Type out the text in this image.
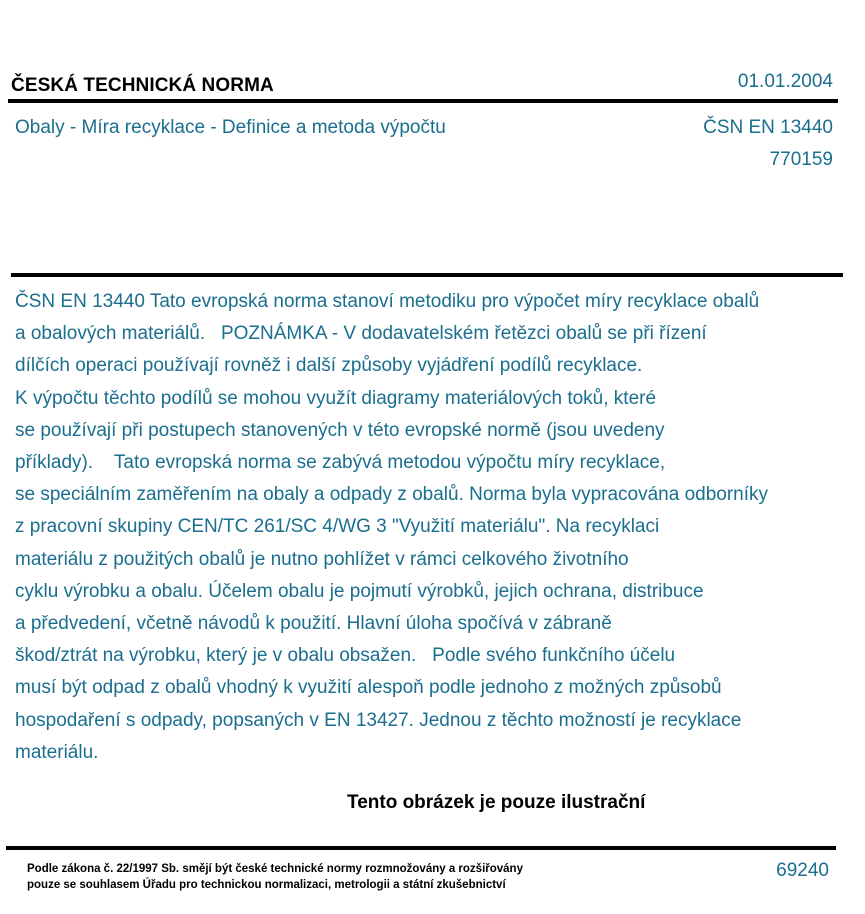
ČESKÁ TECHNICKÁ NORMA	01.01.2004
Obaly - Míra recyklace - Definice a metoda výpočtu	ČSN EN 13440
770159
ČSN EN 13440 Tato evropská norma stanoví metodiku pro výpočet míry recyklace obalů
a obalových materiálů.   POZNÁMKA - V dodavatelském řetězci obalů se při řízení
dílčích operaci používají rovněž i další způsoby vyjádření podílů recyklace.
K výpočtu těchto podílů se mohou využít diagramy materiálových toků, které
se používají při postupech stanovených v této evropské normě (jsou uvedeny
příklady).    Tato evropská norma se zabývá metodou výpočtu míry recyklace,
se speciálním zaměřením na obaly a odpady z obalů. Norma byla vypracována odborníky
z pracovní skupiny CEN/TC 261/SC 4/WG 3 "Využití materiálu". Na recyklaci
materiálu z použitých obalů je nutno pohlížet v rámci celkového životního
cyklu výrobku a obalu. Účelem obalu je pojmutí výrobků, jejich ochrana, distribuce
a předvedení, včetně návodů k použití. Hlavní úloha spočívá v zábraně
škod/ztrát na výrobku, který je v obalu obsažen.   Podle svého funkčního účelu
musí být odpad z obalů vhodný k využití alespoň podle jednoho z možných způsobů
hospodaření s odpady, popsaných v EN 13427. Jednou z těchto možností je recyklace
materiálu.
Tento obrázek je pouze ilustrační
Podle zákona č. 22/1997 Sb. smějí být české technické normy rozmnožovány a rozšiřovány
pouze se souhlasem Úřadu pro technickou normalizaci, metrologii a státní zkušebnictví
69240
